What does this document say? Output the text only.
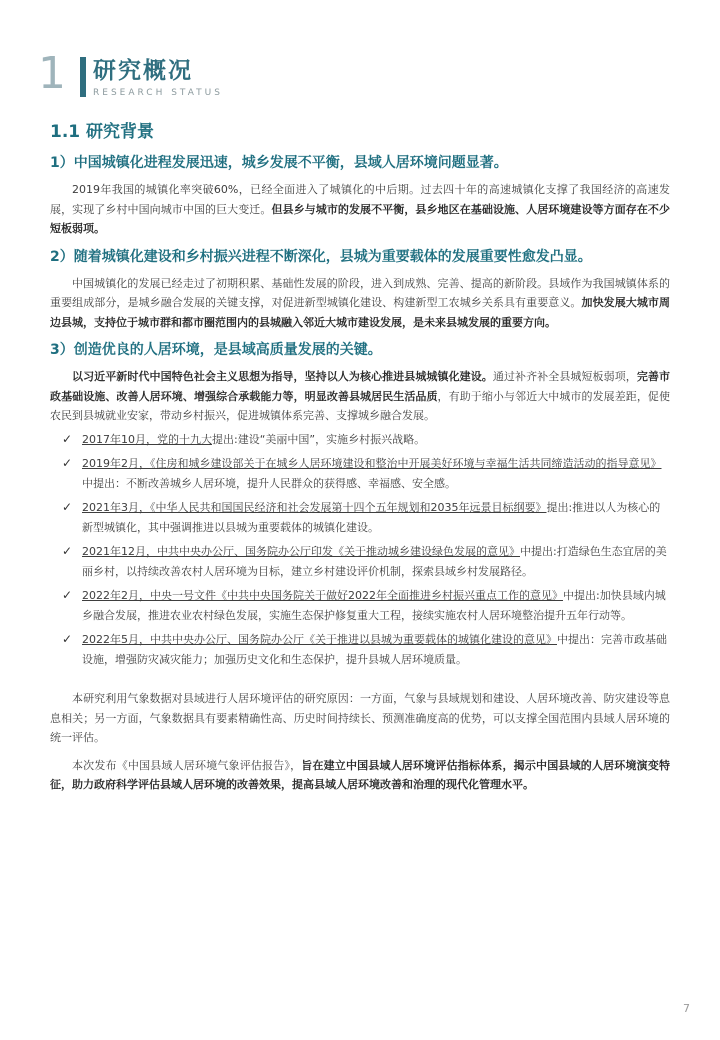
1 研究概况
RESEARCH STATUS
1.1 研究背景
1）中国城镇化进程发展迅速，城乡发展不平衡，县域人居环境问题显著。

2019年我国的城镇化率突破60%，已经全面进入了城镇化的中后期。过去四十年的高速城镇化支撑了我国经济的高速发展，实现了乡村中国向城市中国的巨大变迁。但县乡与城市的发展不平衡，县乡地区在基础设施、人居环境建设等方面存在不少短板弱项。

2）随着城镇化建设和乡村振兴进程不断深化，县城为重要载体的发展重要性愈发凸显。

中国城镇化的发展已经走过了初期积累、基础性发展的阶段，进入到成熟、完善、提高的新阶段。县域作为我国城镇体系的重要组成部分，是城乡融合发展的关键支撑，对促进新型城镇化建设、构建新型工农城乡关系具有重要意义。加快发展大城市周边县城，支持位于城市群和都市圈范围内的县城融入邻近大城市建设发展，是未来县城发展的重要方向。

3）创造优良的人居环境，是县域高质量发展的关键。

以习近平新时代中国特色社会主义思想为指导，坚持以人为核心推进县城城镇化建设。通过补齐补全县城短板弱项，完善市政基础设施、改善人居环境、增强综合承载能力等，明显改善县城居民生活品质，有助于缩小与邻近大中城市的发展差距，促使农民到县城就业安家，带动乡村振兴，促进城镇体系完善、支撑城乡融合发展。

✓ 2017年10月，党的十九大提出:建设“美丽中国”，实施乡村振兴战略。
✓ 2019年2月，《住房和城乡建设部关于在城乡人居环境建设和整治中开展美好环境与幸福生活共同缔造活动的指导意见》中提出：不断改善城乡人居环境，提升人民群众的获得感、幸福感、安全感。
✓ 2021年3月，《中华人民共和国国民经济和社会发展第十四个五年规划和2035年远景目标纲要》提出:推进以人为核心的新型城镇化，其中强调推进以县城为重要载体的城镇化建设。
✓ 2021年12月，中共中央办公厅、国务院办公厅印发《关于推动城乡建设绿色发展的意见》中提出:打造绿色生态宜居的美丽乡村，以持续改善农村人居环境为目标，建立乡村建设评价机制，探索县域乡村发展路径。
✓ 2022年2月，中央一号文件《中共中央国务院关于做好2022年全面推进乡村振兴重点工作的意见》中提出:加快县域内城乡融合发展，推进农业农村绿色发展，实施生态保护修复重大工程，接续实施农村人居环境整治提升五年行动等。
✓ 2022年5月，中共中央办公厅、国务院办公厅《关于推进以县城为重要载体的城镇化建设的意见》中提出：完善市政基础设施，增强防灾减灾能力；加强历史文化和生态保护，提升县城人居环境质量。

本研究利用气象数据对县域进行人居环境评估的研究原因：一方面，气象与县域规划和建设、人居环境改善、防灾建设等息息相关；另一方面，气象数据具有要素精确性高、历史时间持续长、预测准确度高的优势，可以支撑全国范围内县域人居环境的统一评估。

本次发布《中国县域人居环境气象评估报告》，旨在建立中国县域人居环境评估指标体系，揭示中国县域的人居环境演变特征，助力政府科学评估县域人居环境的改善效果，提高县域人居环境改善和治理的现代化管理水平。

7
